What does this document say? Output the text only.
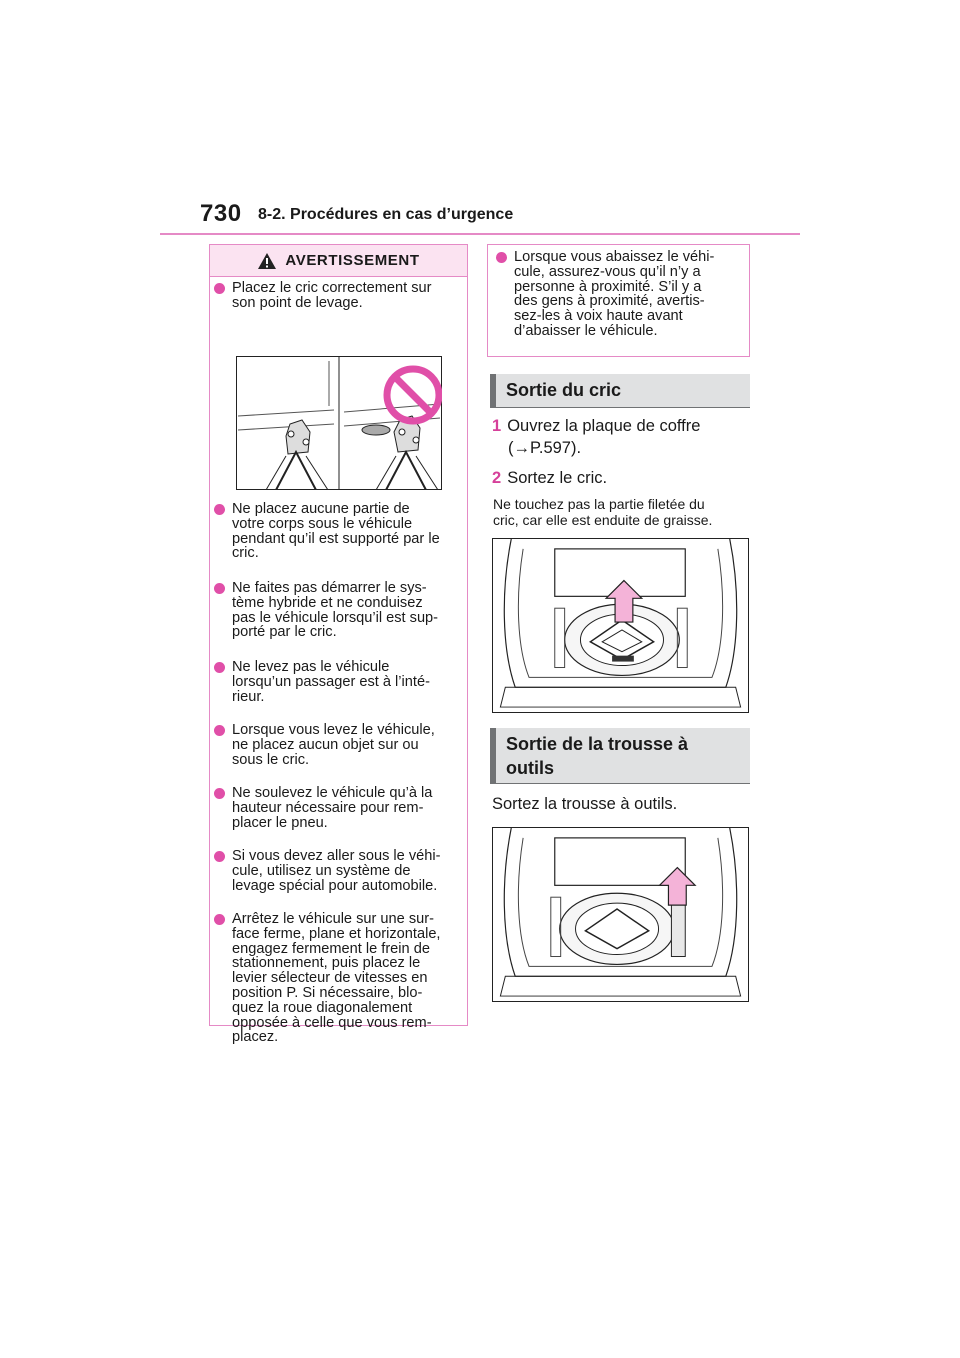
730 8-2. Procédures en cas d’urgence
AVERTISSEMENT
Placez le cric correctement sur
son point de levage.
Ne placez aucune partie de
votre corps sous le véhicule
pendant qu’il est supporté par le
cric.
Ne faites pas démarrer le sys-
tème hybride et ne conduisez
pas le véhicule lorsqu’il est sup-
porté par le cric.
Ne levez pas le véhicule
lorsqu’un passager est à l’inté-
rieur.
Lorsque vous levez le véhicule,
ne placez aucun objet sur ou
sous le cric.
Ne soulevez le véhicule qu’à la
hauteur nécessaire pour rem-
placer le pneu.
Si vous devez aller sous le véhi-
cule, utilisez un système de
levage spécial pour automobile.
Arrêtez le véhicule sur une sur-
face ferme, plane et horizontale,
engagez fermement le frein de
stationnement, puis placez le
levier sélecteur de vitesses en
position P. Si nécessaire, blo-
quez la roue diagonalement
opposée à celle que vous rem-
placez.
Lorsque vous abaissez le véhi-
cule, assurez-vous qu’il n’y a
personne à proximité. S’il y a
des gens à proximité, avertis-
sez-les à voix haute avant
d’abaisser le véhicule.
Sortie du cric
1 Ouvrez la plaque de coffre
(→P.597).
2 Sortez le cric.
Ne touchez pas la partie filetée du
cric, car elle est enduite de graisse.
Sortie de la trousse à
outils
Sortez la trousse à outils.
